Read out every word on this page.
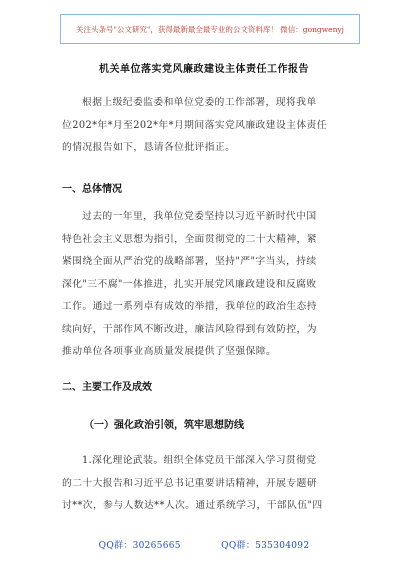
关注头条号"公文研究"，获得最新最全最专业的公文资料库！ 微信：gongwenyj
机关单位落实党风廉政建设主体责任工作报告
根据上级纪委监委和单位党委的工作部署，现将我单
位202*年*月至202*年*月期间落实党风廉政建设主体责任
的情况报告如下，恳请各位批评指正。
一、总体情况
过去的一年里，我单位党委坚持以习近平新时代中国
特色社会主义思想为指引，全面贯彻党的二十大精神，紧
紧围绕全面从严治党的战略部署，坚持"严"字当头，持续
深化"三不腐"一体推进，扎实开展党风廉政建设和反腐败
工作。通过一系列卓有成效的举措，我单位的政治生态持
续向好，干部作风不断改进，廉洁风险得到有效防控，为
推动单位各项事业高质量发展提供了坚强保障。
二、主要工作及成效
（一）强化政治引领，筑牢思想防线
1.深化理论武装。组织全体党员干部深入学习贯彻党
的二十大报告和习近平总书记重要讲话精神，开展专题研
讨**次，参与人数达**人次。通过系统学习，干部队伍"四
QQ群：30265665	QQ群：535304092
